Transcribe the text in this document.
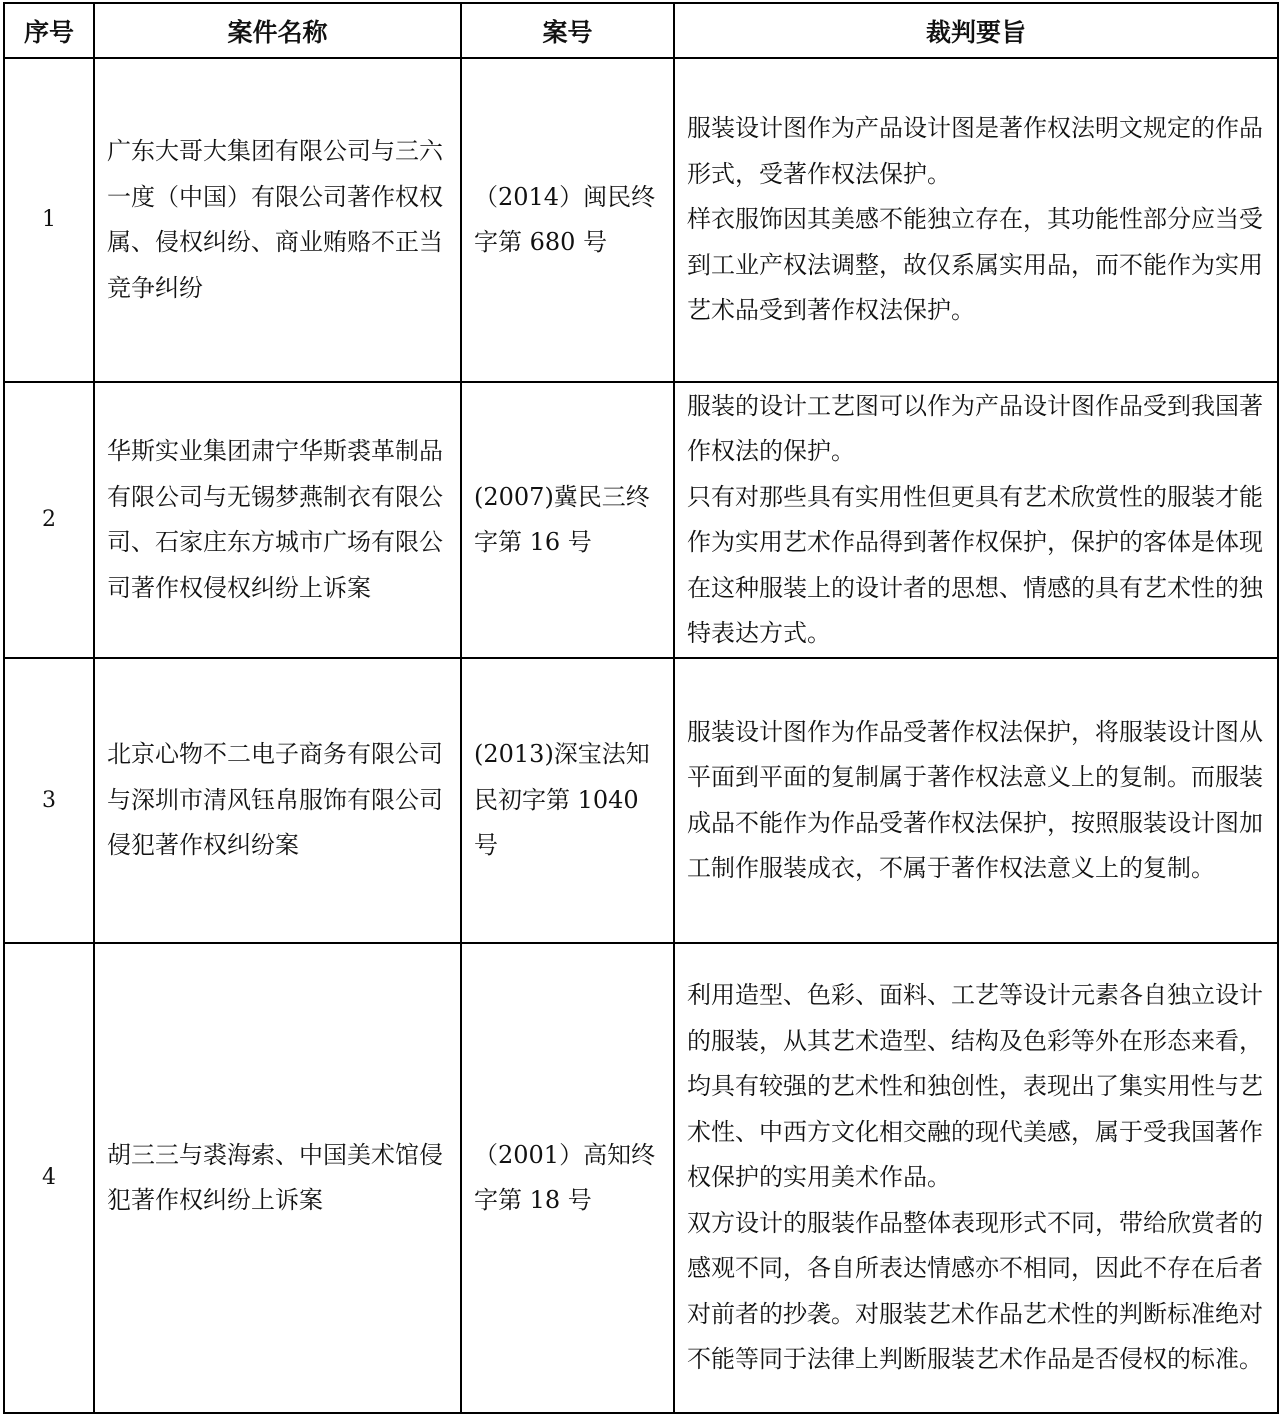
序号	案件名称	案号	裁判要旨
1	广东大哥大集团有限公司与三六一度（中国）有限公司著作权权属、侵权纠纷、商业贿赂不正当竞争纠纷	（2014）闽民终字第 680 号	服装设计图作为产品设计图是著作权法明文规定的作品形式，受著作权法保护。
样衣服饰因其美感不能独立存在，其功能性部分应当受到工业产权法调整，故仅系属实用品，而不能作为实用艺术品受到著作权法保护。

2	华斯实业集团肃宁华斯裘革制品有限公司与无锡梦燕制衣有限公司、石家庄东方城市广场有限公司著作权侵权纠纷上诉案	(2007)冀民三终字第 16 号	服装的设计工艺图可以作为产品设计图作品受到我国著作权法的保护。
只有对那些具有实用性但更具有艺术欣赏性的服装才能作为实用艺术作品得到著作权保护，保护的客体是体现在这种服装上的设计者的思想、情感的具有艺术性的独特表达方式。

3	北京心物不二电子商务有限公司与深圳市清风钰帛服饰有限公司侵犯著作权纠纷案	(2013)深宝法知民初字第 1040 号	服装设计图作为作品受著作权法保护，将服装设计图从平面到平面的复制属于著作权法意义上的复制。而服装成品不能作为作品受著作权法保护，按照服装设计图加工制作服装成衣，不属于著作权法意义上的复制。

4	胡三三与裘海索、中国美术馆侵犯著作权纠纷上诉案	（2001）高知终字第 18 号	利用造型、色彩、面料、工艺等设计元素各自独立设计的服装，从其艺术造型、结构及色彩等外在形态来看，均具有较强的艺术性和独创性，表现出了集实用性与艺术性、中西方文化相交融的现代美感，属于受我国著作权保护的实用美术作品。
双方设计的服装作品整体表现形式不同，带给欣赏者的感观不同，各自所表达情感亦不相同，因此不存在后者对前者的抄袭。对服装艺术作品艺术性的判断标准绝对不能等同于法律上判断服装艺术作品是否侵权的标准。
